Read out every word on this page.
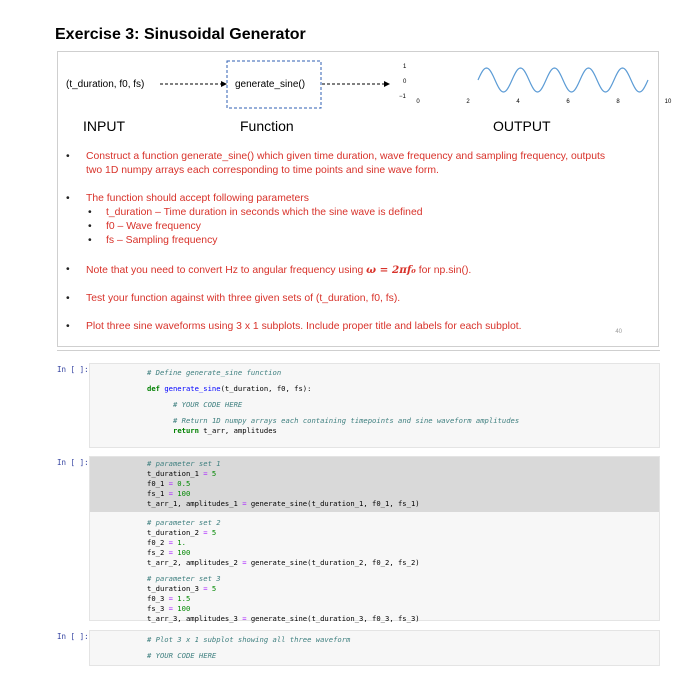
Exercise 3: Sinusoidal Generator
(t_duration, f0, fs)	generate_sine()
1
0
−1
0	2	4	6	8	10
INPUT	Function	OUTPUT
• Construct a function generate_sine() which given time duration, wave frequency and sampling frequency, outputs
two 1D numpy arrays each corresponding to time points and sine wave form.
• The function should accept following parameters
• t_duration – Time duration in seconds which the sine wave is defined
• f0 – Wave frequency
• fs – Sampling frequency
• Note that you need to convert Hz to angular frequency using ω = 2πf₀ for np.sin().
• Test your function against with three given sets of (t_duration, f0, fs).
• Plot three sine waveforms using 3 x 1 subplots. Include proper title and labels for each subplot.	40
In [ ]:	# Define generate_sine function
def generate_sine(t_duration, f0, fs):
# YOUR CODE HERE
# Return 1D numpy arrays each containing timepoints and sine waveform amplitudes
return t_arr, amplitudes
In [ ]:	# parameter set 1
t_duration_1 = 5
f0_1 = 0.5
fs_1 = 100
t_arr_1, amplitudes_1 = generate_sine(t_duration_1, f0_1, fs_1)
# parameter set 2
t_duration_2 = 5
f0_2 = 1.
fs_2 = 100
t_arr_2, amplitudes_2 = generate_sine(t_duration_2, f0_2, fs_2)
# parameter set 3
t_duration_3 = 5
f0_3 = 1.5
fs_3 = 100
t_arr_3, amplitudes_3 = generate_sine(t_duration_3, f0_3, fs_3)
In [ ]:	# Plot 3 x 1 subplot showing all three waveform
# YOUR CODE HERE
